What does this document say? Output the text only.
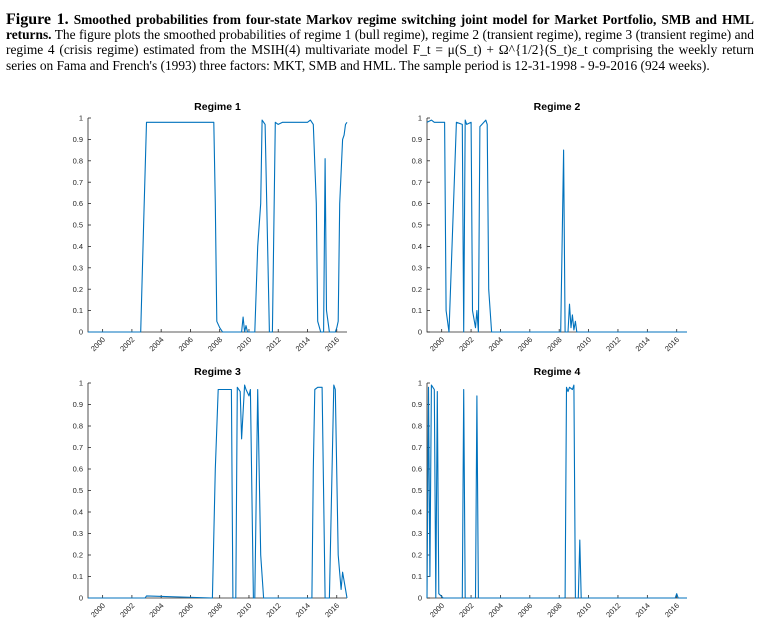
Figure 1. Smoothed probabilities from four-state Markov regime switching joint model for Market Portfolio, SMB and HML returns. The figure plots the smoothed probabilities of regime 1 (bull regime), regime 2 (transient regime), regime 3 (transient regime) and regime 4 (crisis regime) estimated from the MSIH(4) multivariate model F_t = μ(S_t) + Ω^{1/2}(S_t)ε_t comprising the weekly return series on Fama and French's (1993) three factors: MKT, SMB and HML. The sample period is 12-31-1998 - 9-9-2016 (924 weeks).
Regime 1
0
0.1
0.2
0.3
0.4
0.5
0.6
0.7
0.8
0.9
1
2000 2002 2004 2006 2008 2010 2012 2014 2016
Regime 2
0
0.1
0.2
0.3
0.4
0.5
0.6
0.7
0.8
0.9
1
2000 2002 2004 2006 2008 2010 2012 2014 2016
Regime 3
0
0.1
0.2
0.3
0.4
0.5
0.6
0.7
0.8
0.9
1
2000 2002 2004 2006 2008 2010 2012 2014 2016
Regime 4
0
0.1
0.2
0.3
0.4
0.5
0.6
0.7
0.8
0.9
1
2000 2002 2004 2006 2008 2010 2012 2014 2016
